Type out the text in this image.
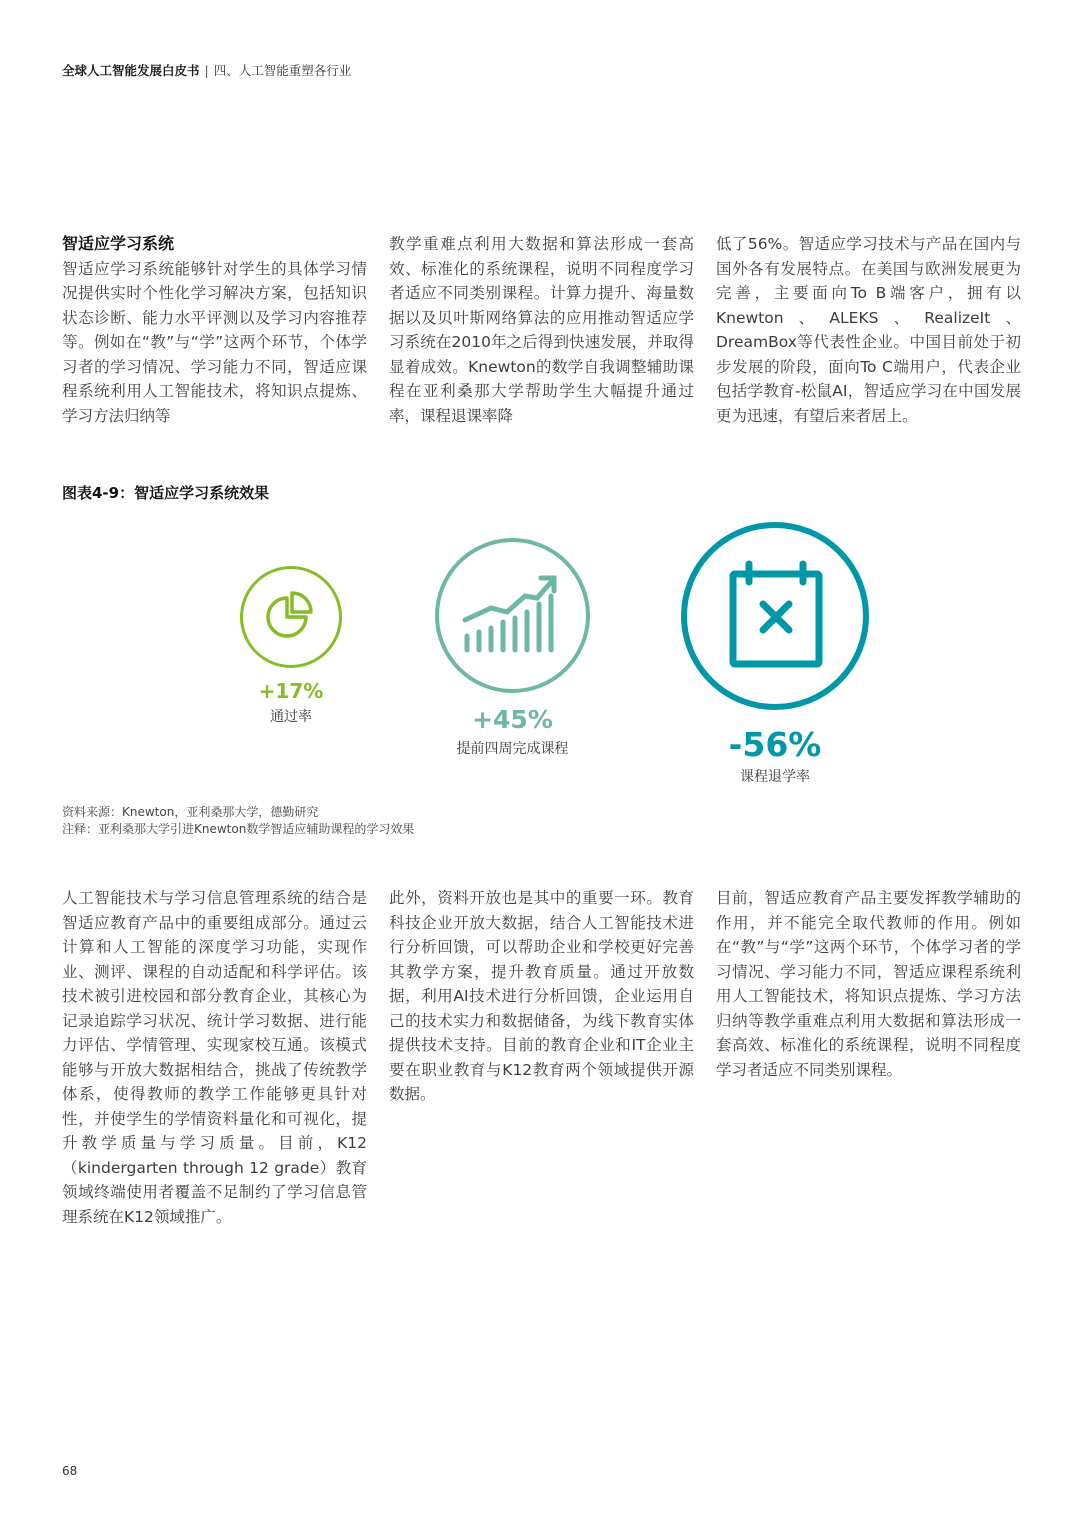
全球人工智能发展白皮书 | 四、人工智能重塑各行业
智适应学习系统

智适应学习系统能够针对学生的具体学习情况提供实时个性化学习解决方案，包括知识状态诊断、能力水平评测以及学习内容推荐等。例如在“教”与“学”这两个环节，个体学习者的学习情况、学习能力不同，智适应课程系统利用人工智能技术，将知识点提炼、学习方法归纳等

教学重难点利用大数据和算法形成一套高效、标准化的系统课程，说明不同程度学习者适应不同类别课程。计算力提升、海量数据以及贝叶斯网络算法的应用推动智适应学习系统在2010年之后得到快速发展，并取得显着成效。Knewton的数学自我调整辅助课程在亚利桑那大学帮助学生大幅提升通过率，课程退课率降

低了56%。智适应学习技术与产品在国内与国外各有发展特点。在美国与欧洲发展更为完善，主要面向To B端客户，拥有以Knewton、ALEKS、RealizeIt、DreamBox等代表性企业。中国目前处于初步发展的阶段，面向To C端用户，代表企业包括学教育-松鼠AI，智适应学习在中国发展更为迅速，有望后来者居上。

图表4-9：智适应学习系统效果
+17%
通过率	+45%
提前四周完成课程	-56%
课程退学率
资料来源：Knewton，亚利桑那大学，德勤研究
注释：亚利桑那大学引进Knewton数学智适应辅助课程的学习效果

人工智能技术与学习信息管理系统的结合是智适应教育产品中的重要组成部分。通过云计算和人工智能的深度学习功能，实现作业、测评、课程的自动适配和科学评估。该技术被引进校园和部分教育企业，其核心为记录追踪学习状况、统计学习数据、进行能力评估、学情管理、实现家校互通。该模式能够与开放大数据相结合，挑战了传统教学体系，使得教师的教学工作能够更具针对性，并使学生的学情资料量化和可视化，提升教学质量与学习质量。目前，K12（kindergarten through 12 grade）教育领域终端使用者覆盖不足制约了学习信息管理系统在K12领域推广。

此外，资料开放也是其中的重要一环。教育科技企业开放大数据，结合人工智能技术进行分析回馈，可以帮助企业和学校更好完善其教学方案，提升教育质量。通过开放数据，利用AI技术进行分析回馈，企业运用自己的技术实力和数据储备，为线下教育实体提供技术支持。目前的教育企业和IT企业主要在职业教育与K12教育两个领域提供开源数据。

目前，智适应教育产品主要发挥教学辅助的作用，并不能完全取代教师的作用。例如在“教”与“学”这两个环节，个体学习者的学习情况、学习能力不同，智适应课程系统利用人工智能技术，将知识点提炼、学习方法归纳等教学重难点利用大数据和算法形成一套高效、标准化的系统课程，说明不同程度学习者适应不同类别课程。

68
